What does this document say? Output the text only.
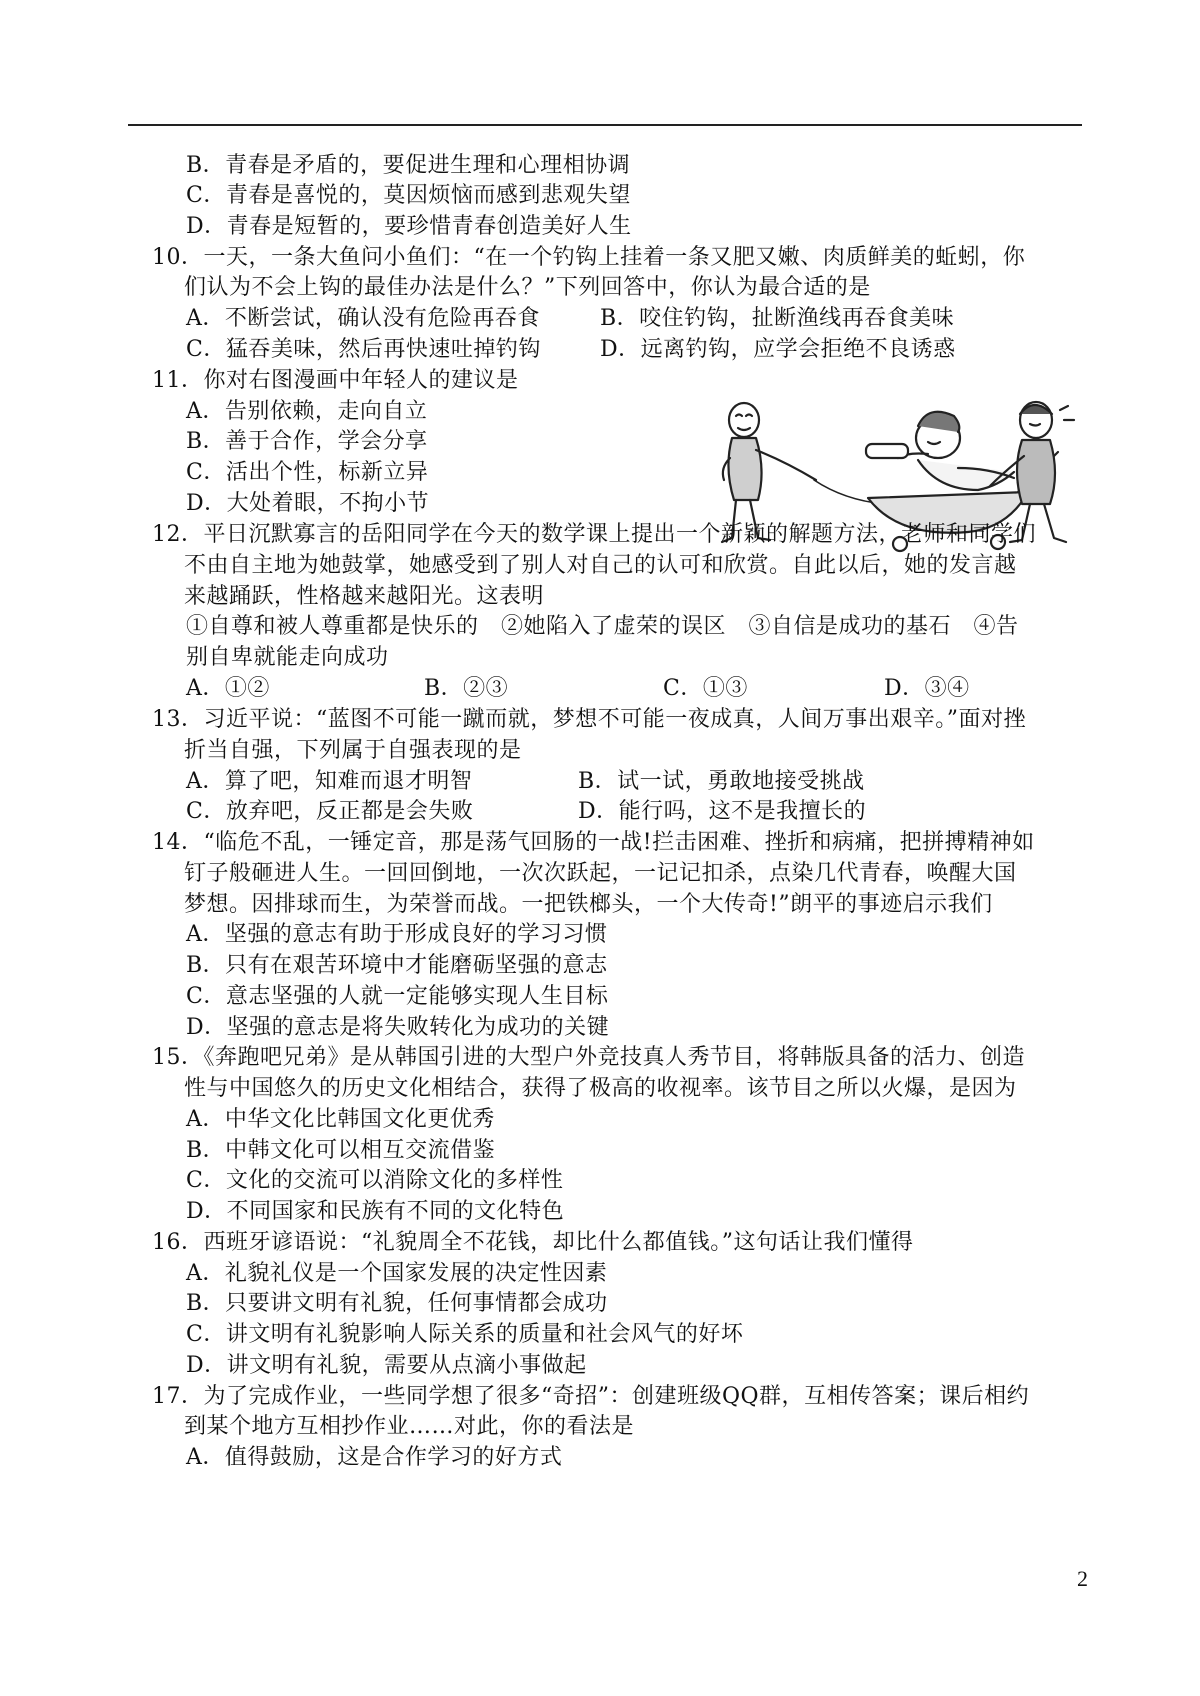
B．青春是矛盾的，要促进生理和心理相协调
C．青春是喜悦的，莫因烦恼而感到悲观失望
D．青春是短暂的，要珍惜青春创造美好人生
10．一天，一条大鱼问小鱼们：“在一个钓钩上挂着一条又肥又嫩、肉质鲜美的蚯蚓，你
们认为不会上钩的最佳办法是什么？”下列回答中，你认为最合适的是
A．不断尝试，确认没有危险再吞食	B．咬住钓钩，扯断渔线再吞食美味
C．猛吞美味，然后再快速吐掉钓钩	D．远离钓钩，应学会拒绝不良诱惑
11．你对右图漫画中年轻人的建议是
A．告别依赖，走向自立
B．善于合作，学会分享
C．活出个性，标新立异
D．大处着眼，不拘小节
12．平日沉默寡言的岳阳同学在今天的数学课上提出一个新颖的解题方法，老师和同学们
不由自主地为她鼓掌，她感受到了别人对自己的认可和欣赏。自此以后，她的发言越
来越踊跃，性格越来越阳光。这表明
①自尊和被人尊重都是快乐的　②她陷入了虚荣的误区　③自信是成功的基石　④告
别自卑就能走向成功
A．①②	B．②③	C．①③	D．③④
13．习近平说：“蓝图不可能一蹴而就，梦想不可能一夜成真，人间万事出艰辛。”面对挫
折当自强，下列属于自强表现的是
A．算了吧，知难而退才明智	B．试一试，勇敢地接受挑战
C．放弃吧，反正都是会失败	D．能行吗，这不是我擅长的
14．“临危不乱，一锤定音，那是荡气回肠的一战!拦击困难、挫折和病痛，把拼搏精神如
钉子般砸进人生。一回回倒地，一次次跃起，一记记扣杀，点染几代青春，唤醒大国
梦想。因排球而生，为荣誉而战。一把铁榔头，一个大传奇!”朗平的事迹启示我们
A．坚强的意志有助于形成良好的学习习惯
B．只有在艰苦环境中才能磨砺坚强的意志
C．意志坚强的人就一定能够实现人生目标
D．坚强的意志是将失败转化为成功的关键
15．《奔跑吧兄弟》是从韩国引进的大型户外竞技真人秀节目，将韩版具备的活力、创造
性与中国悠久的历史文化相结合，获得了极高的收视率。该节目之所以火爆，是因为
A．中华文化比韩国文化更优秀
B．中韩文化可以相互交流借鉴
C．文化的交流可以消除文化的多样性
D．不同国家和民族有不同的文化特色
16．西班牙谚语说：“礼貌周全不花钱，却比什么都值钱。”这句话让我们懂得
A．礼貌礼仪是一个国家发展的决定性因素
B．只要讲文明有礼貌，任何事情都会成功
C．讲文明有礼貌影响人际关系的质量和社会风气的好坏
D．讲文明有礼貌，需要从点滴小事做起
17．为了完成作业，一些同学想了很多“奇招”：创建班级QQ群，互相传答案；课后相约
到某个地方互相抄作业……对此，你的看法是
A．值得鼓励，这是合作学习的好方式
2
